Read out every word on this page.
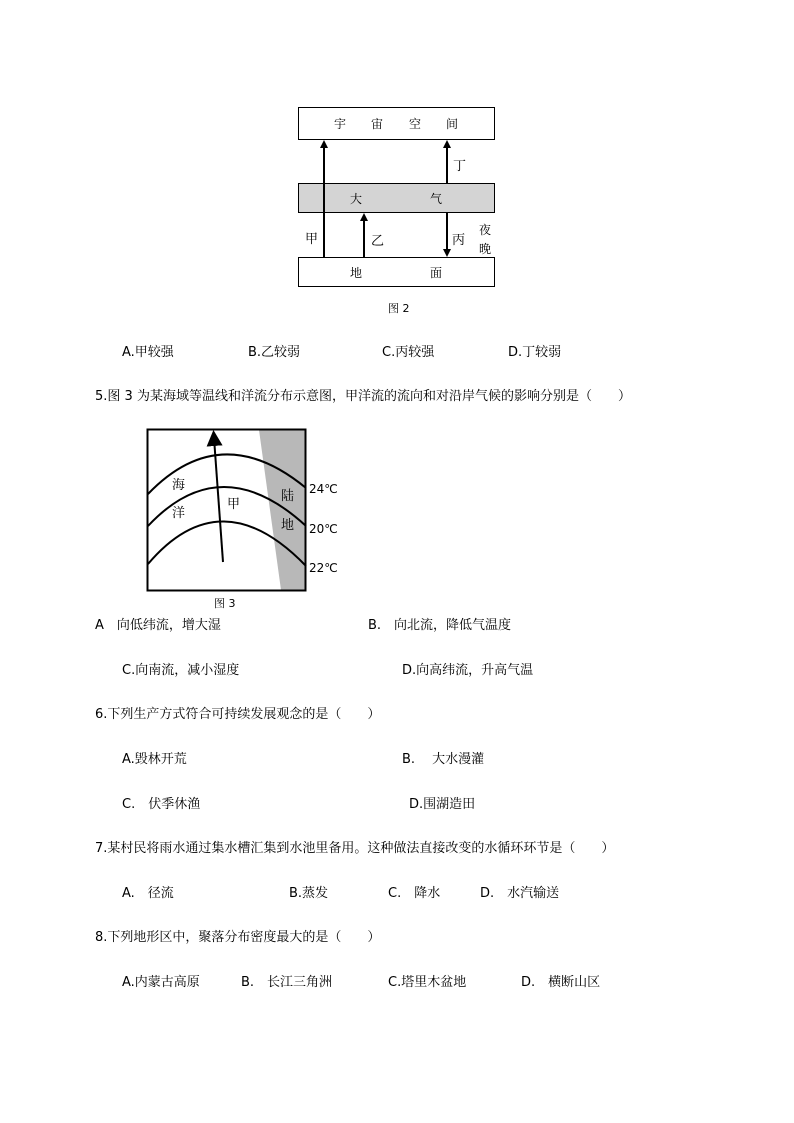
宇 宙 空 间
大	气
地	面
甲	乙	丙
夜
晚
丁
图 2
A.甲较强	B.乙较弱	C.丙较强	D.丁较弱
5.图 3 为某海域等温线和洋流分布示意图，甲洋流的流向和对沿岸气候的影响分别是（　　）
海
洋
甲
陆
地
24℃
20℃
22℃
图 3
A　向低纬流，增大湿	B.　向北流，降低气温度
C.向南流，减小湿度	D.向高纬流，升高气温
6.下列生产方式符合可持续发展观念的是（　　）
A.毁林开荒	B.　 大水漫灌
C.　伏季休渔	D.围湖造田
7.某村民将雨水通过集水槽汇集到水池里备用。这种做法直接改变的水循环环节是（　　）
A.　径流	B.蒸发	C.　降水	D.　水汽输送
8.下列地形区中，聚落分布密度最大的是（　　）
A.内蒙古高原	B.　长江三角洲	C.塔里木盆地	D.　横断山区
